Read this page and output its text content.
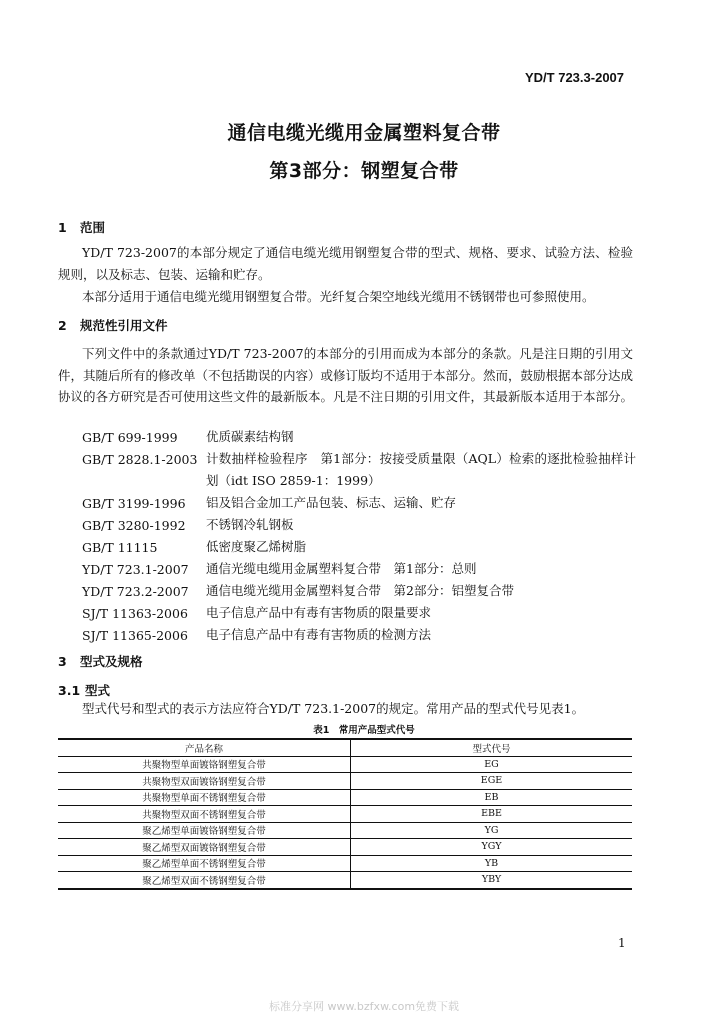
YD/T 723.3-2007
通信电缆光缆用金属塑料复合带
第3部分：钢塑复合带
1 范围
YD/T 723-2007的本部分规定了通信电缆光缆用钢塑复合带的型式、规格、要求、试验方法、检验规则，以及标志、包装、运输和贮存。
本部分适用于通信电缆光缆用钢塑复合带。光纤复合架空地线光缆用不锈钢带也可参照使用。
2 规范性引用文件
下列文件中的条款通过YD/T 723-2007的本部分的引用而成为本部分的条款。凡是注日期的引用文件，其随后所有的修改单（不包括勘误的内容）或修订版均不适用于本部分。然而，鼓励根据本部分达成协议的各方研究是否可使用这些文件的最新版本。凡是不注日期的引用文件，其最新版本适用于本部分。
GB/T 699-1999 优质碳素结构钢
GB/T 2828.1-2003 计数抽样检验程序　第1部分：按接受质量限（AQL）检索的逐批检验抽样计划（idt ISO 2859-1：1999）
GB/T 3199-1996 铝及铝合金加工产品包装、标志、运输、贮存
GB/T 3280-1992 不锈钢冷轧钢板
GB/T 11115	低密度聚乙烯树脂
YD/T 723.1-2007 通信光缆电缆用金属塑料复合带　第1部分：总则
YD/T 723.2-2007 通信电缆光缆用金属塑料复合带　第2部分：铝塑复合带
SJ/T 11363-2006 电子信息产品中有毒有害物质的限量要求
SJ/T 11365-2006 电子信息产品中有毒有害物质的检测方法
3 型式及规格
3.1 型式
型式代号和型式的表示方法应符合YD/T 723.1-2007的规定。常用产品的型式代号见表1。
表1　常用产品型式代号
产品名称	型式代号
共聚物型单面镀铬钢塑复合带	EG
共聚物型双面镀铬钢塑复合带	EGE
共聚物型单面不锈钢塑复合带	EB
共聚物型双面不锈钢塑复合带	EBE
聚乙烯型单面镀铬钢塑复合带	YG
聚乙烯型双面镀铬钢塑复合带	YGY
聚乙烯型单面不锈钢塑复合带	YB
聚乙烯型双面不锈钢塑复合带	YBY
1
标准分享网 www.bzfxw.com免费下载
